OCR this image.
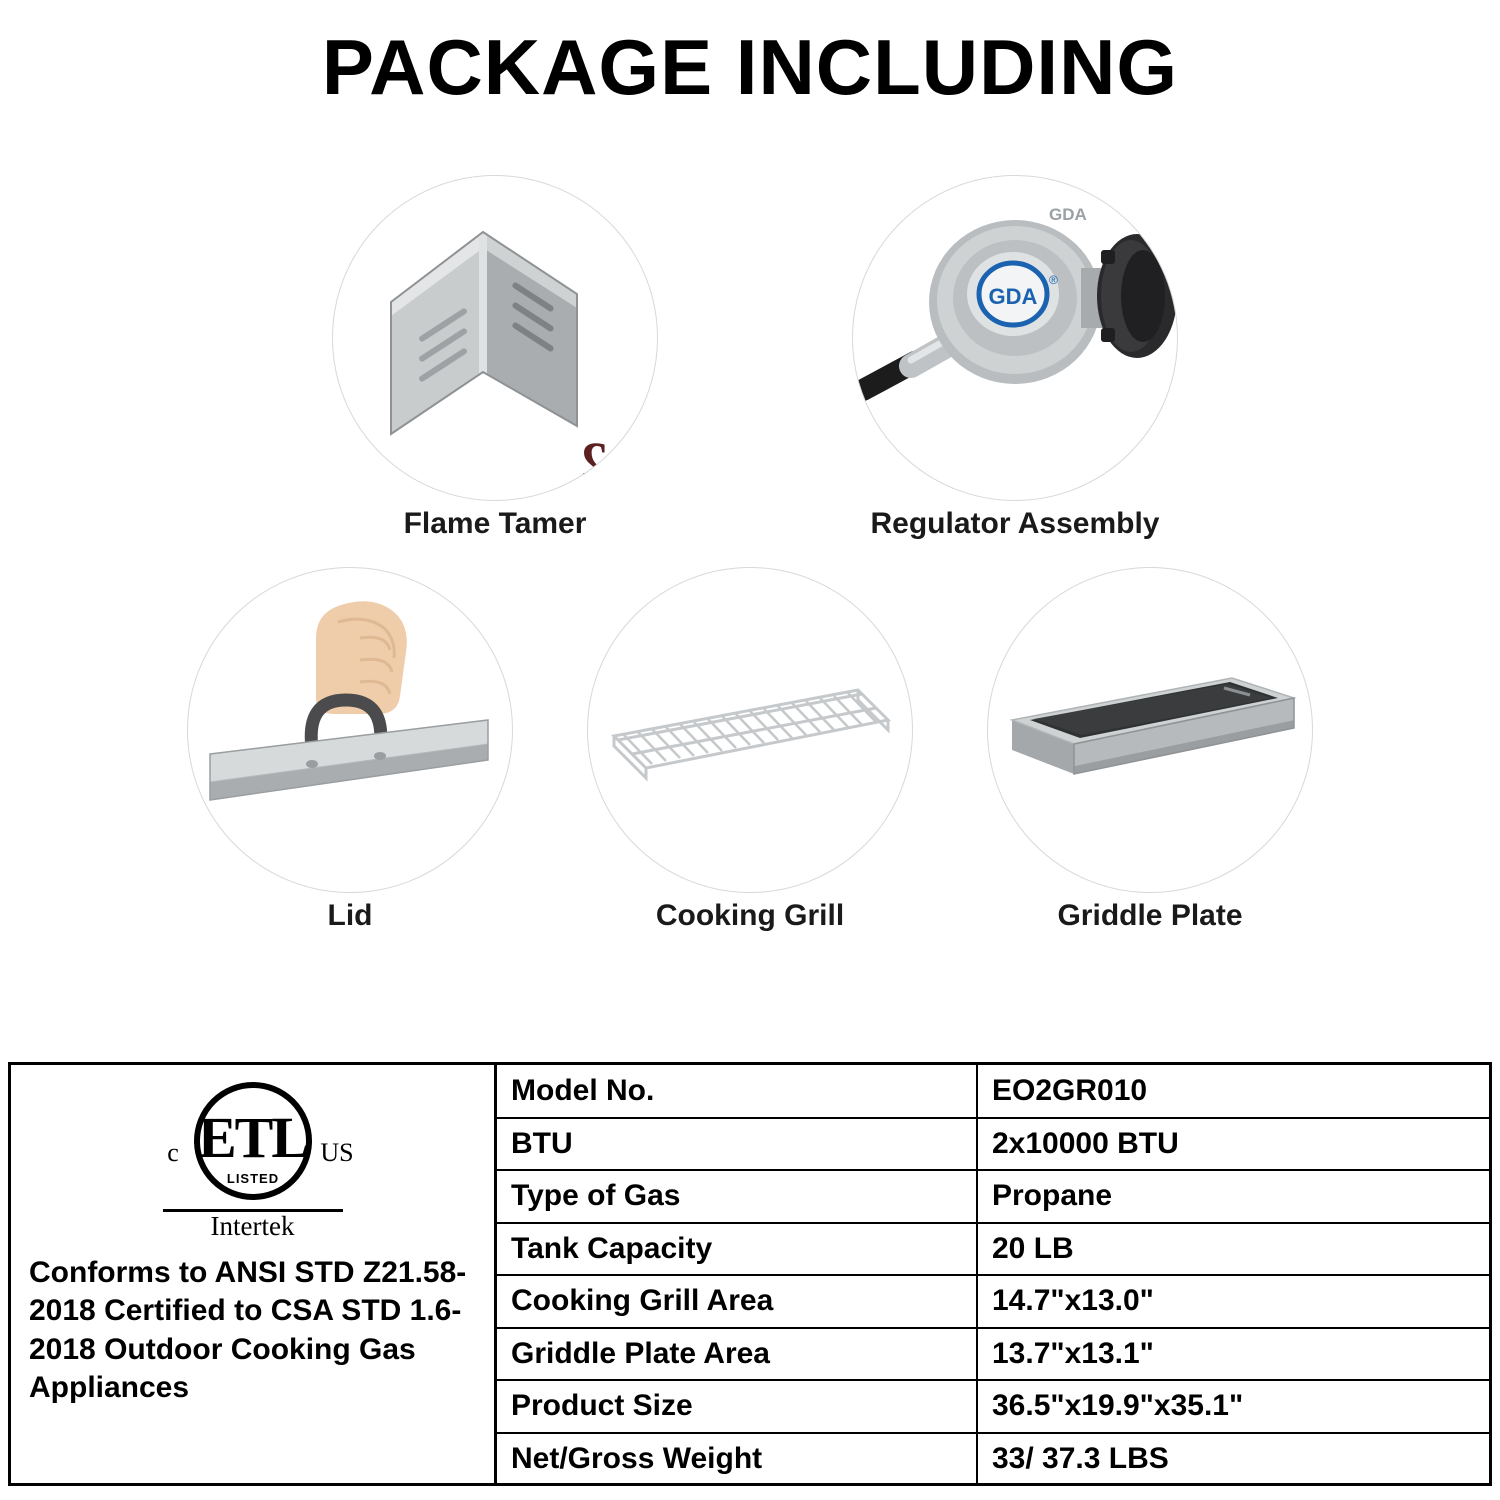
PACKAGE INCLUDING
×2
Flame Tamer
GDA
®
GDA
Regulator Assembly
Lid	Cooking Grill	Griddle Plate
ETL
LISTED
c	US
Intertek
Conforms to ANSI STD Z21.58-2018 Certified to CSA STD 1.6-2018 Outdoor Cooking Gas Appliances
Model No.	EO2GR010
BTU	2x10000 BTU
Type of Gas	Propane
Tank Capacity	20 LB
Cooking Grill Area	14.7"x13.0"
Griddle Plate Area	13.7"x13.1"
Product Size	36.5"x19.9"x35.1"
Net/Gross Weight	33/ 37.3 LBS
